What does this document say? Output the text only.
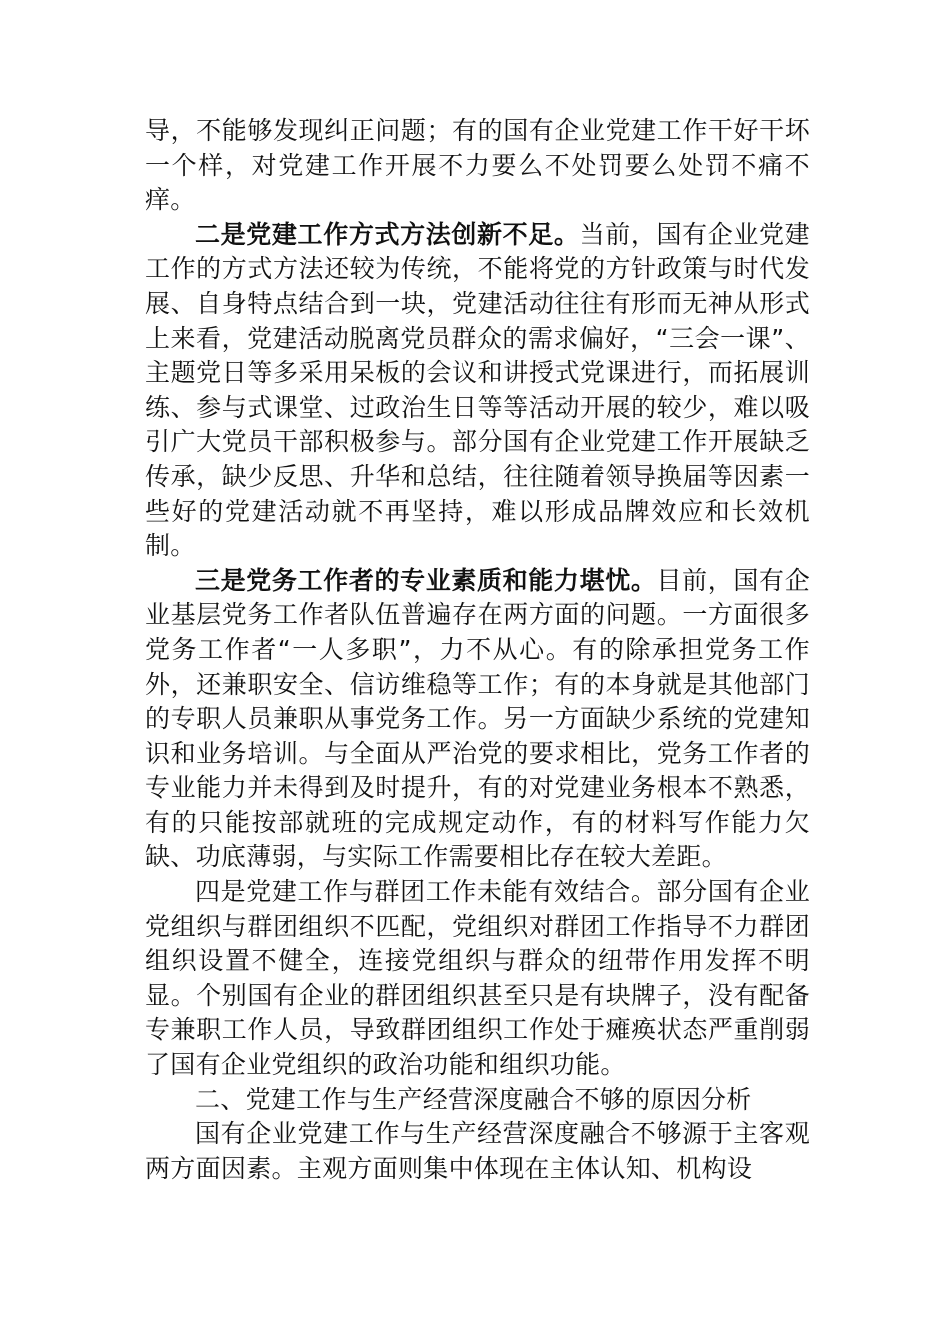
导，不能够发现纠正问题；有的国有企业党建工作干好干坏一个样，对党建工作开展不力要么不处罚要么处罚不痛不痒。

二是党建工作方式方法创新不足。当前，国有企业党建工作的方式方法还较为传统，不能将党的方针政策与时代发展、自身特点结合到一块，党建活动往往有形而无神从形式上来看，党建活动脱离党员群众的需求偏好，“三会一课”、主题党日等多采用呆板的会议和讲授式党课进行，而拓展训练、参与式课堂、过政治生日等等活动开展的较少，难以吸引广大党员干部积极参与。部分国有企业党建工作开展缺乏传承，缺少反思、升华和总结，往往随着领导换届等因素一些好的党建活动就不再坚持，难以形成品牌效应和长效机制。

三是党务工作者的专业素质和能力堪忧。目前，国有企业基层党务工作者队伍普遍存在两方面的问题。一方面很多党务工作者“一人多职”，力不从心。有的除承担党务工作外，还兼职安全、信访维稳等工作；有的本身就是其他部门的专职人员兼职从事党务工作。另一方面缺少系统的党建知识和业务培训。与全面从严治党的要求相比，党务工作者的专业能力并未得到及时提升，有的对党建业务根本不熟悉，有的只能按部就班的完成规定动作，有的材料写作能力欠缺、功底薄弱，与实际工作需要相比存在较大差距。

四是党建工作与群团工作未能有效结合。部分国有企业党组织与群团组织不匹配，党组织对群团工作指导不力群团组织设置不健全，连接党组织与群众的纽带作用发挥不明显。个别国有企业的群团组织甚至只是有块牌子，没有配备专兼职工作人员，导致群团组织工作处于瘫痪状态严重削弱了国有企业党组织的政治功能和组织功能。

二、党建工作与生产经营深度融合不够的原因分析

国有企业党建工作与生产经营深度融合不够源于主客观两方面因素。主观方面则集中体现在主体认知、机构设
